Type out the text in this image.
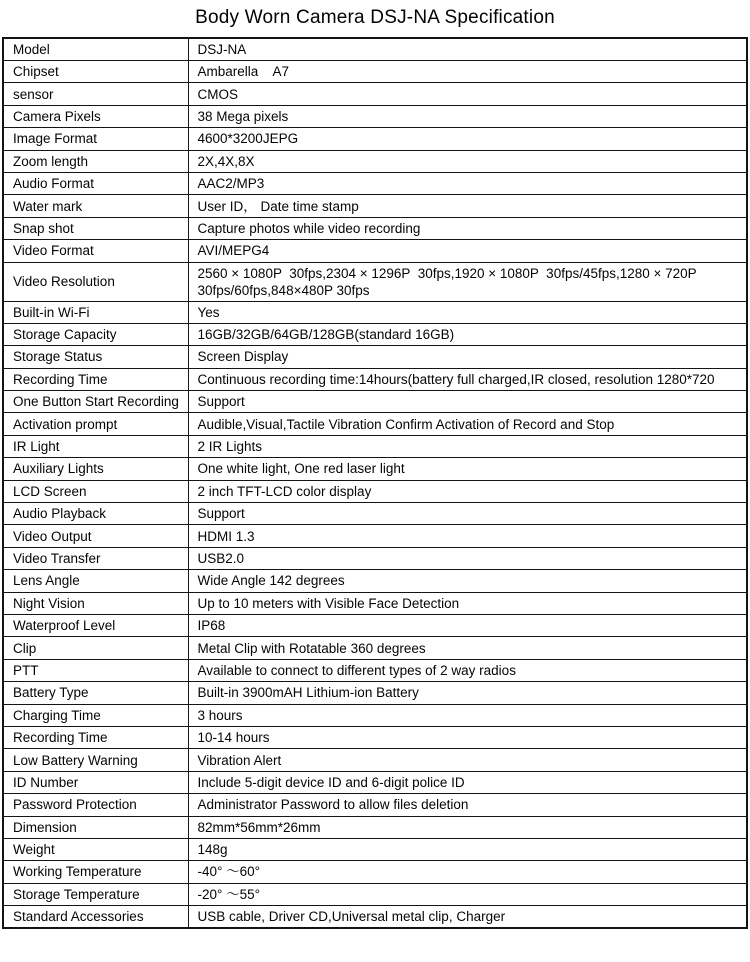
Body Worn Camera DSJ-NA Specification
Model	DSJ-NA
Chipset	Ambarella    A7
sensor	CMOS
Camera Pixels	38 Mega pixels
Image Format	4600*3200JEPG
Zoom length	2X,4X,8X
Audio Format	AAC2/MP3
Water mark	User ID， Date time stamp
Snap shot	Capture photos while video recording
Video Format	AVI/MEPG4
Video Resolution	2560 × 1080P  30fps,2304 × 1296P  30fps,1920 × 1080P  30fps/45fps,1280 × 720P 30fps/60fps,848×480P 30fps
Built-in Wi-Fi	Yes
Storage Capacity	16GB/32GB/64GB/128GB(standard 16GB)
Storage Status	Screen Display
Recording Time	Continuous recording time:14hours(battery full charged,IR closed, resolution 1280*720
One Button Start Recording	Support
Activation prompt	Audible,Visual,Tactile Vibration Confirm Activation of Record and Stop
IR Light	2 IR Lights
Auxiliary Lights	One white light, One red laser light
LCD Screen	2 inch TFT-LCD color display
Audio Playback	Support
Video Output	HDMI 1.3
Video Transfer	USB2.0
Lens Angle	Wide Angle 142 degrees
Night Vision	Up to 10 meters with Visible Face Detection
Waterproof Level	IP68
Clip	Metal Clip with Rotatable 360 degrees
PTT	Available to connect to different types of 2 way radios
Battery Type	Built-in 3900mAH Lithium-ion Battery
Charging Time	3 hours
Recording Time	10-14 hours
Low Battery Warning	Vibration Alert
ID Number	Include 5-digit device ID and 6-digit police ID
Password Protection	Administrator Password to allow files deletion
Dimension	82mm*56mm*26mm
Weight	148g
Working Temperature	-40° ～60°
Storage Temperature	-20° ～55°
Standard Accessories	USB cable, Driver CD,Universal metal clip, Charger
